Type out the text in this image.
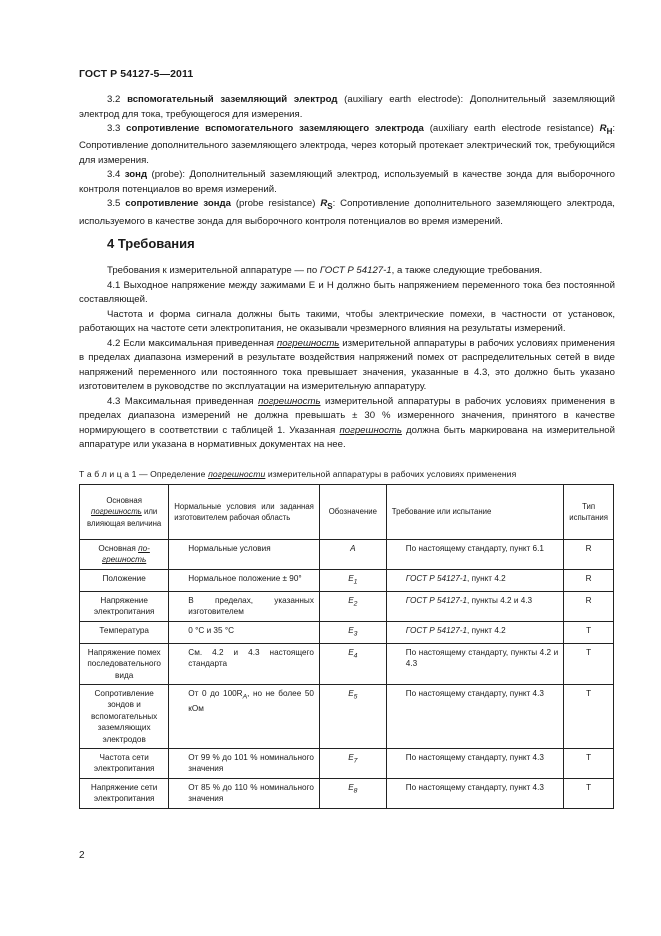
ГОСТ Р 54127-5—2011

3.2 вспомогательный заземляющий электрод (auxiliary earth electrode): Дополнительный заземляющий электрод для тока, требующегося для измерения.

3.3 сопротивление вспомогательного заземляющего электрода (auxiliary earth electrode resistance) $R_H$: Сопротивление дополнительного заземляющего электрода, через который протекает электрический ток, требующийся для измерения.

3.4 зонд (probe): Дополнительный заземляющий электрод, используемый в качестве зонда для выборочного контроля потенциалов во время измерений.

3.5 сопротивление зонда (probe resistance) $R_S$: Сопротивление дополнительного заземляющего электрода, используемого в качестве зонда для выборочного контроля потенциалов во время измерений.

4 Требования

Требования к измерительной аппаратуре — по ГОСТ Р 54127-1, а также следующие требования.

4.1 Выходное напряжение между зажимами E и H должно быть напряжением переменного тока без постоянной составляющей.

Частота и форма сигнала должны быть такими, чтобы электрические помехи, в частности от установок, работающих на частоте сети электропитания, не оказывали чрезмерного влияния на результаты измерений.

4.2 Если максимальная приведенная погрешность измерительной аппаратуры в рабочих условиях применения в пределах диапазона измерений в результате воздействия напряжений помех от распределительных сетей в виде напряжений переменного или постоянного тока превышает значения, указанные в 4.3, это должно быть указано изготовителем в руководстве по эксплуатации на измерительную аппаратуру.

4.3 Максимальная приведенная погрешность измерительной аппаратуры в рабочих условиях применения в пределах диапазона измерений не должна превышать ± 30 % измеренного значения, принятого в качестве нормирующего в соответствии с таблицей 1. Указанная погрешность должна быть маркирована на измерительной аппаратуре или указана в нормативных документах на нее.

Т а б л и ц а 1 — Определение погрешности измерительной аппаратуры в рабочих условиях применения
Основная погрешность или влияющая величина	Нормальные условия или заданная изготовителем рабочая область	Обозначение	Требование или испытание	Тип испытания
Основная по-грешность	Нормальные условия	A	По настоящему стандарту, пункт 6.1	R
Положение	Нормальное положение ± 90°	$E_1$	ГОСТ Р 54127-1, пункт 4.2	R
Напряжение электропитания	В пределах, указанных изготовителем	$E_2$	ГОСТ Р 54127-1, пункты 4.2 и 4.3	R
Температура	0 °C и 35 °C	$E_3$	ГОСТ Р 54127-1, пункт 4.2	T
Напряжение помех последовательного вида	См. 4.2 и 4.3 настоящего стандарта	$E_4$	По настоящему стандарту, пункты 4.2 и 4.3	T
Сопротивление зондов и вспомогательных заземляющих электродов	От 0 до $100R_A$, но не более 50 кОм	$E_5$	По настоящему стандарту, пункт 4.3	T
Частота сети электропитания	От 99 % до 101 % номинального значения	$E_7$	По настоящему стандарту, пункт 4.3	T
Напряжение сети электропитания	От 85 % до 110 % номинального значения	$E_8$	По настоящему стандарту, пункт 4.3	T
2
